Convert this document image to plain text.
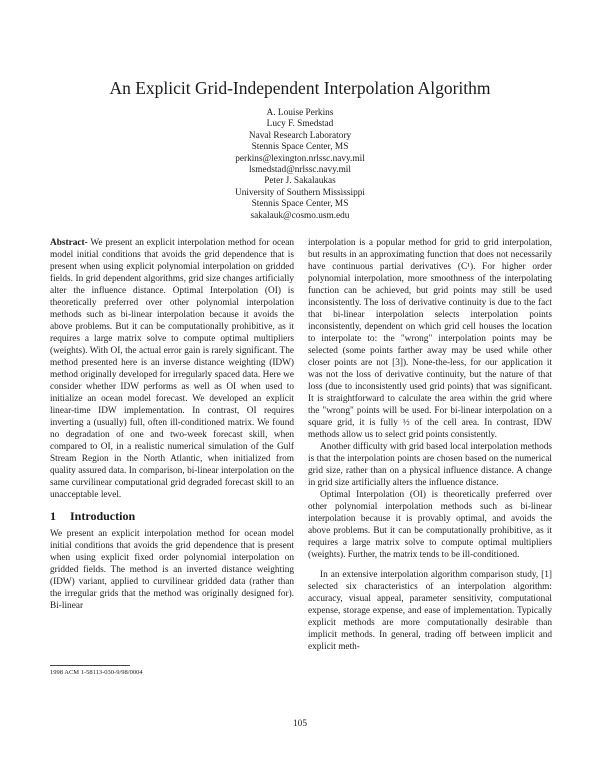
An Explicit Grid-Independent Interpolation Algorithm
A. Louise Perkins
Lucy F. Smedstad
Naval Research Laboratory
Stennis Space Center, MS
perkins@lexington.nrlssc.navy.mil
lsmedstad@nrlssc.navy.mil
Peter J. Sakalaukas
University of Southern Mississippi
Stennis Space Center, MS
sakalauk@cosmo.usm.edu

Abstract- We present an explicit interpolation method for ocean model initial conditions that avoids the grid dependence that is present when using explicit polynomial interpolation on gridded fields. In grid dependent algorithms, grid size changes artificially alter the influence distance. Optimal Interpolation (OI) is theoretically preferred over other polynomial interpolation methods such as bi-linear interpolation because it avoids the above problems. But it can be computationally prohibitive, as it requires a large matrix solve to compute optimal multipliers (weights). With OI, the actual error gain is rarely significant. The method presented here is an inverse distance weighting (IDW) method originally developed for irregularly spaced data. Here we consider whether IDW performs as well as OI when used to initialize an ocean model forecast. We developed an explicit linear-time IDW implementation. In contrast, OI requires inverting a (usually) full, often ill-conditioned matrix. We found no degradation of one and two-week forecast skill, when compared to OI, in a realistic numerical simulation of the Gulf Stream Region in the North Atlantic, when initialized from quality assured data. In comparison, bi-linear interpolation on the same curvilinear computational grid degraded forecast skill to an unacceptable level.

1 Introduction

We present an explicit interpolation method for ocean model initial conditions that avoids the grid dependence that is present when using explicit fixed order polynomial interpolation on gridded fields. The method is an inverted distance weighting (IDW) variant, applied to curvilinear gridded data (rather than the irregular grids that the method was originally designed for). Bi-linear

interpolation is a popular method for grid to grid interpolation, but results in an approximating function that does not necessarily have continuous partial derivatives (C¹). For higher order polynomial interpolation, more smoothness of the interpolating function can be achieved, but grid points may still be used inconsistently. The loss of derivative continuity is due to the fact that bi-linear interpolation selects interpolation points inconsistently, dependent on which grid cell houses the location to interpolate to: the "wrong" interpolation points may be selected (some points farther away may be used while other closer points are not [3]). None-the-less, for our application it was not the loss of derivative continuity, but the nature of that loss (due to inconsistently used grid points) that was significant. It is straightforward to calculate the area within the grid where the "wrong" points will be used. For bi-linear interpolation on a square grid, it is fully ½ of the cell area. In contrast, IDW methods allow us to select grid points consistently.

Another difficulty with grid based local interpolation methods is that the interpolation points are chosen based on the numerical grid size, rather than on a physical influence distance. A change in grid size artificially alters the influence distance.

Optimal Interpolation (OI) is theoretically preferred over other polynomial interpolation methods such as bi-linear interpolation because it is provably optimal, and avoids the above problems. But it can be computationally prohibitive, as it requires a large matrix solve to compute optimal multipliers (weights). Further, the matrix tends to be ill-conditioned.

In an extensive interpolation algorithm comparison study, [1] selected six characteristics of an interpolation algorithm: accuracy, visual appeal, parameter sensitivity, computational expense, storage expense, and ease of implementation. Typically explicit methods are more computationally desirable than implicit methods. In general, trading off between implicit and explicit meth-

1998 ACM 1-58113-030-9/98/0004
105
